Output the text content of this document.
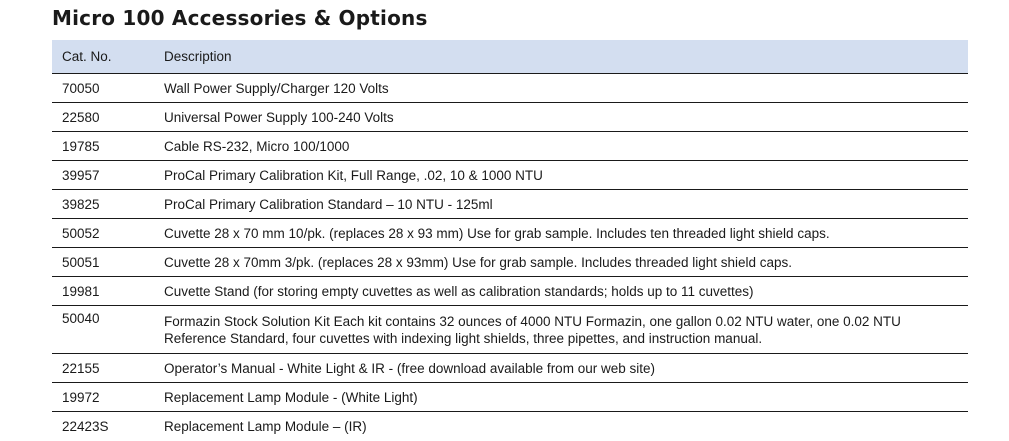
Micro 100 Accessories & Options
Cat. No.	Description
70050	Wall Power Supply/Charger 120 Volts
22580	Universal Power Supply 100-240 Volts
19785	Cable RS-232, Micro 100/1000
39957	ProCal Primary Calibration Kit, Full Range, .02, 10 & 1000 NTU
39825	ProCal Primary Calibration Standard – 10 NTU - 125ml
50052	Cuvette 28 x 70 mm 10/pk. (replaces 28 x 93 mm) Use for grab sample. Includes ten threaded light shield caps.
50051	Cuvette 28 x 70mm 3/pk. (replaces 28 x 93mm) Use for grab sample. Includes threaded light shield caps.
19981	Cuvette Stand (for storing empty cuvettes as well as calibration standards; holds up to 11 cuvettes)
50040	Formazin Stock Solution Kit Each kit contains 32 ounces of 4000 NTU Formazin, one gallon 0.02 NTU water, one 0.02 NTU Reference Standard, four cuvettes with indexing light shields, three pipettes, and instruction manual.
22155	Operator’s Manual - White Light & IR - (free download available from our web site)
19972	Replacement Lamp Module - (White Light)
22423S	Replacement Lamp Module – (IR)
